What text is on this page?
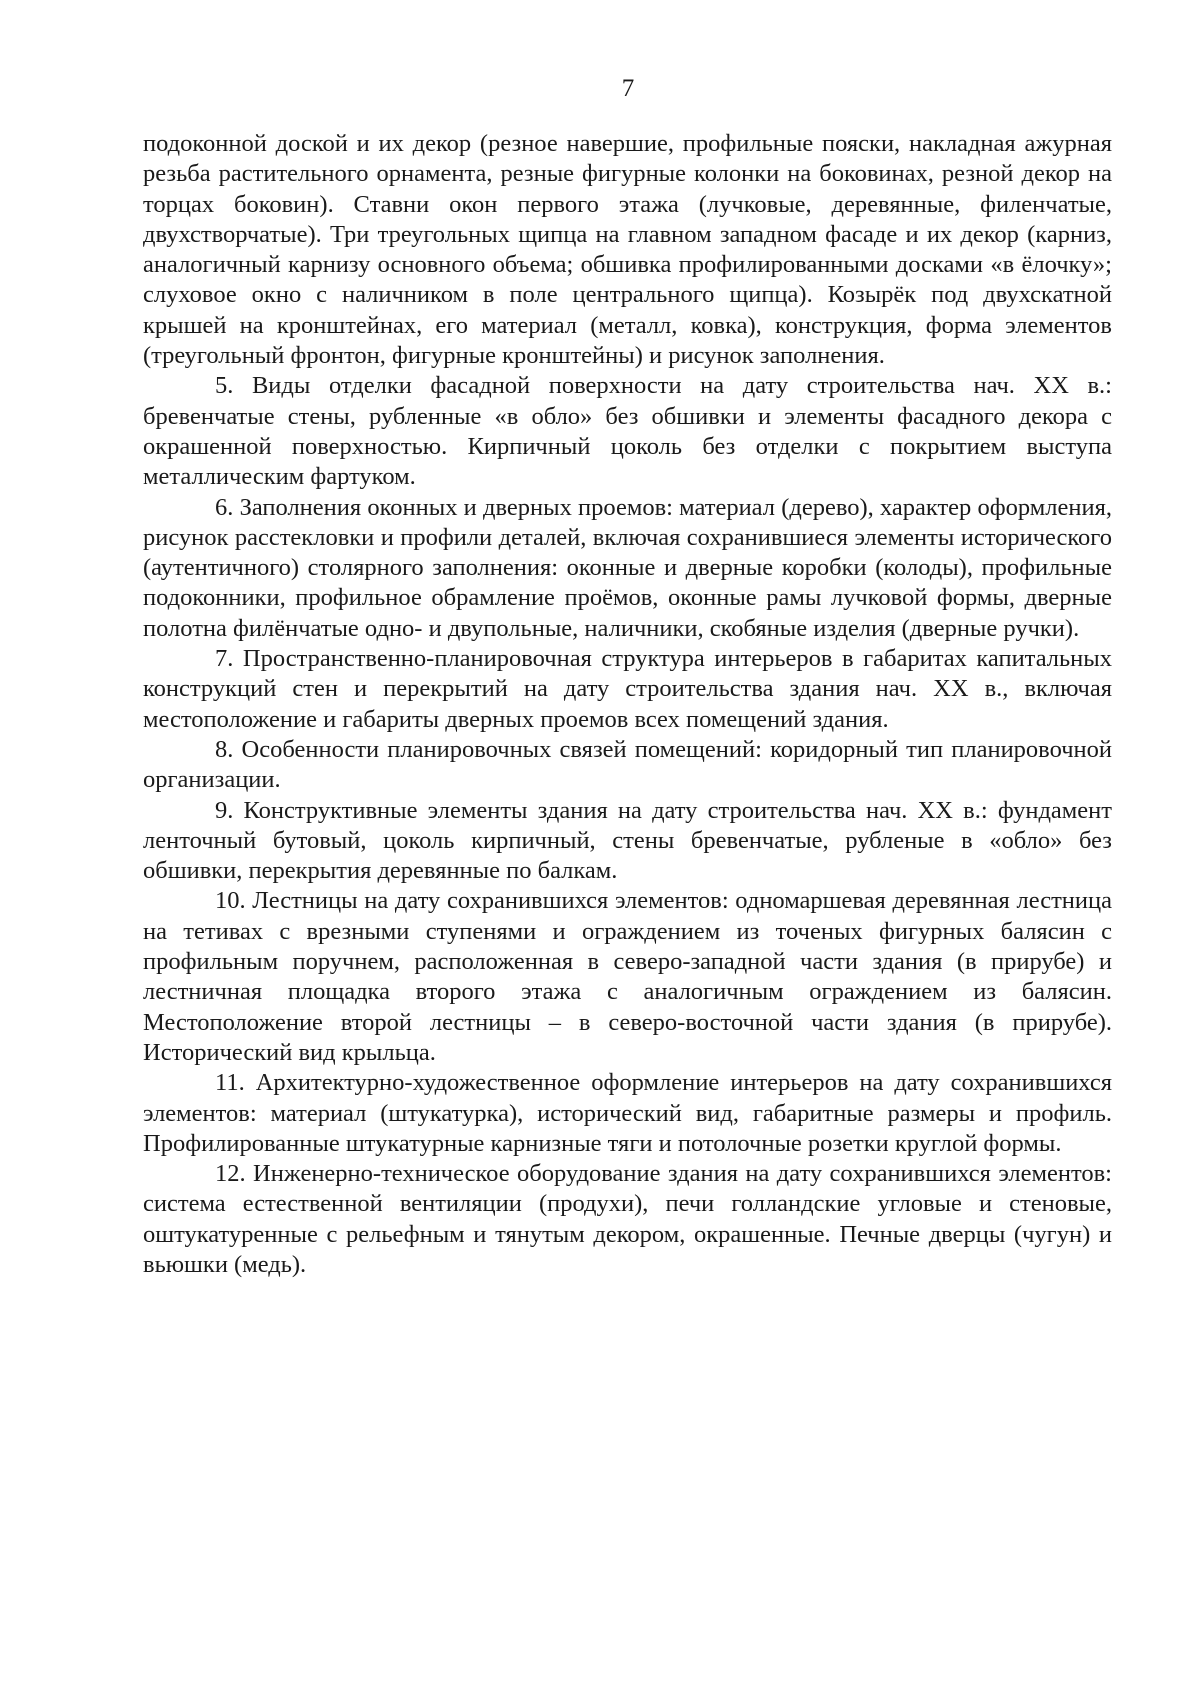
7

подоконной доской и их декор (резное навершие, профильные пояски, накладная ажурная резьба растительного орнамента, резные фигурные колонки на боковинах, резной декор на торцах боковин). Ставни окон первого этажа (лучковые, деревянные, филенчатые, двухстворчатые). Три треугольных щипца на главном западном фасаде и их декор (карниз, аналогичный карнизу основного объема; обшивка профилированными досками «в ёлочку»; слуховое окно с наличником в поле центрального щипца). Козырёк под двухскатной крышей на кронштейнах, его материал (металл, ковка), конструкция, форма элементов (треугольный фронтон, фигурные кронштейны) и рисунок заполнения.

5. Виды отделки фасадной поверхности на дату строительства нач. XX в.: бревенчатые стены, рубленные «в обло» без обшивки и элементы фасадного декора с окрашенной поверхностью. Кирпичный цоколь без отделки с покрытием выступа металлическим фартуком.

6. Заполнения оконных и дверных проемов: материал (дерево), характер оформления, рисунок расстекловки и профили деталей, включая сохранившиеся элементы исторического (аутентичного) столярного заполнения: оконные и дверные коробки (колоды), профильные подоконники, профильное обрамление проёмов, оконные рамы лучковой формы, дверные полотна филёнчатые одно- и двупольные, наличники, скобяные изделия (дверные ручки).

7. Пространственно-планировочная структура интерьеров в габаритах капитальных конструкций стен и перекрытий на дату строительства здания нач. XX в., включая местоположение и габариты дверных проемов всех помещений здания.

8. Особенности планировочных связей помещений: коридорный тип планировочной организации.

9. Конструктивные элементы здания на дату строительства нач. XX в.: фундамент ленточный бутовый, цоколь кирпичный, стены бревенчатые, рубленые в «обло» без обшивки, перекрытия деревянные по балкам.

10. Лестницы на дату сохранившихся элементов: одномаршевая деревянная лестница на тетивах с врезными ступенями и ограждением из точеных фигурных балясин с профильным поручнем, расположенная в северо-западной части здания (в прирубе) и лестничная площадка второго этажа с аналогичным ограждением из балясин. Местоположение второй лестницы – в северо-восточной части здания (в прирубе). Исторический вид крыльца.

11. Архитектурно-художественное оформление интерьеров на дату сохранившихся элементов: материал (штукатурка), исторический вид, габаритные размеры и профиль. Профилированные штукатурные карнизные тяги и потолочные розетки круглой формы.

12. Инженерно-техническое оборудование здания на дату сохранившихся элементов: система естественной вентиляции (продухи), печи голландские угловые и стеновые, оштукатуренные с рельефным и тянутым декором, окрашенные. Печные дверцы (чугун) и вьюшки (медь).
